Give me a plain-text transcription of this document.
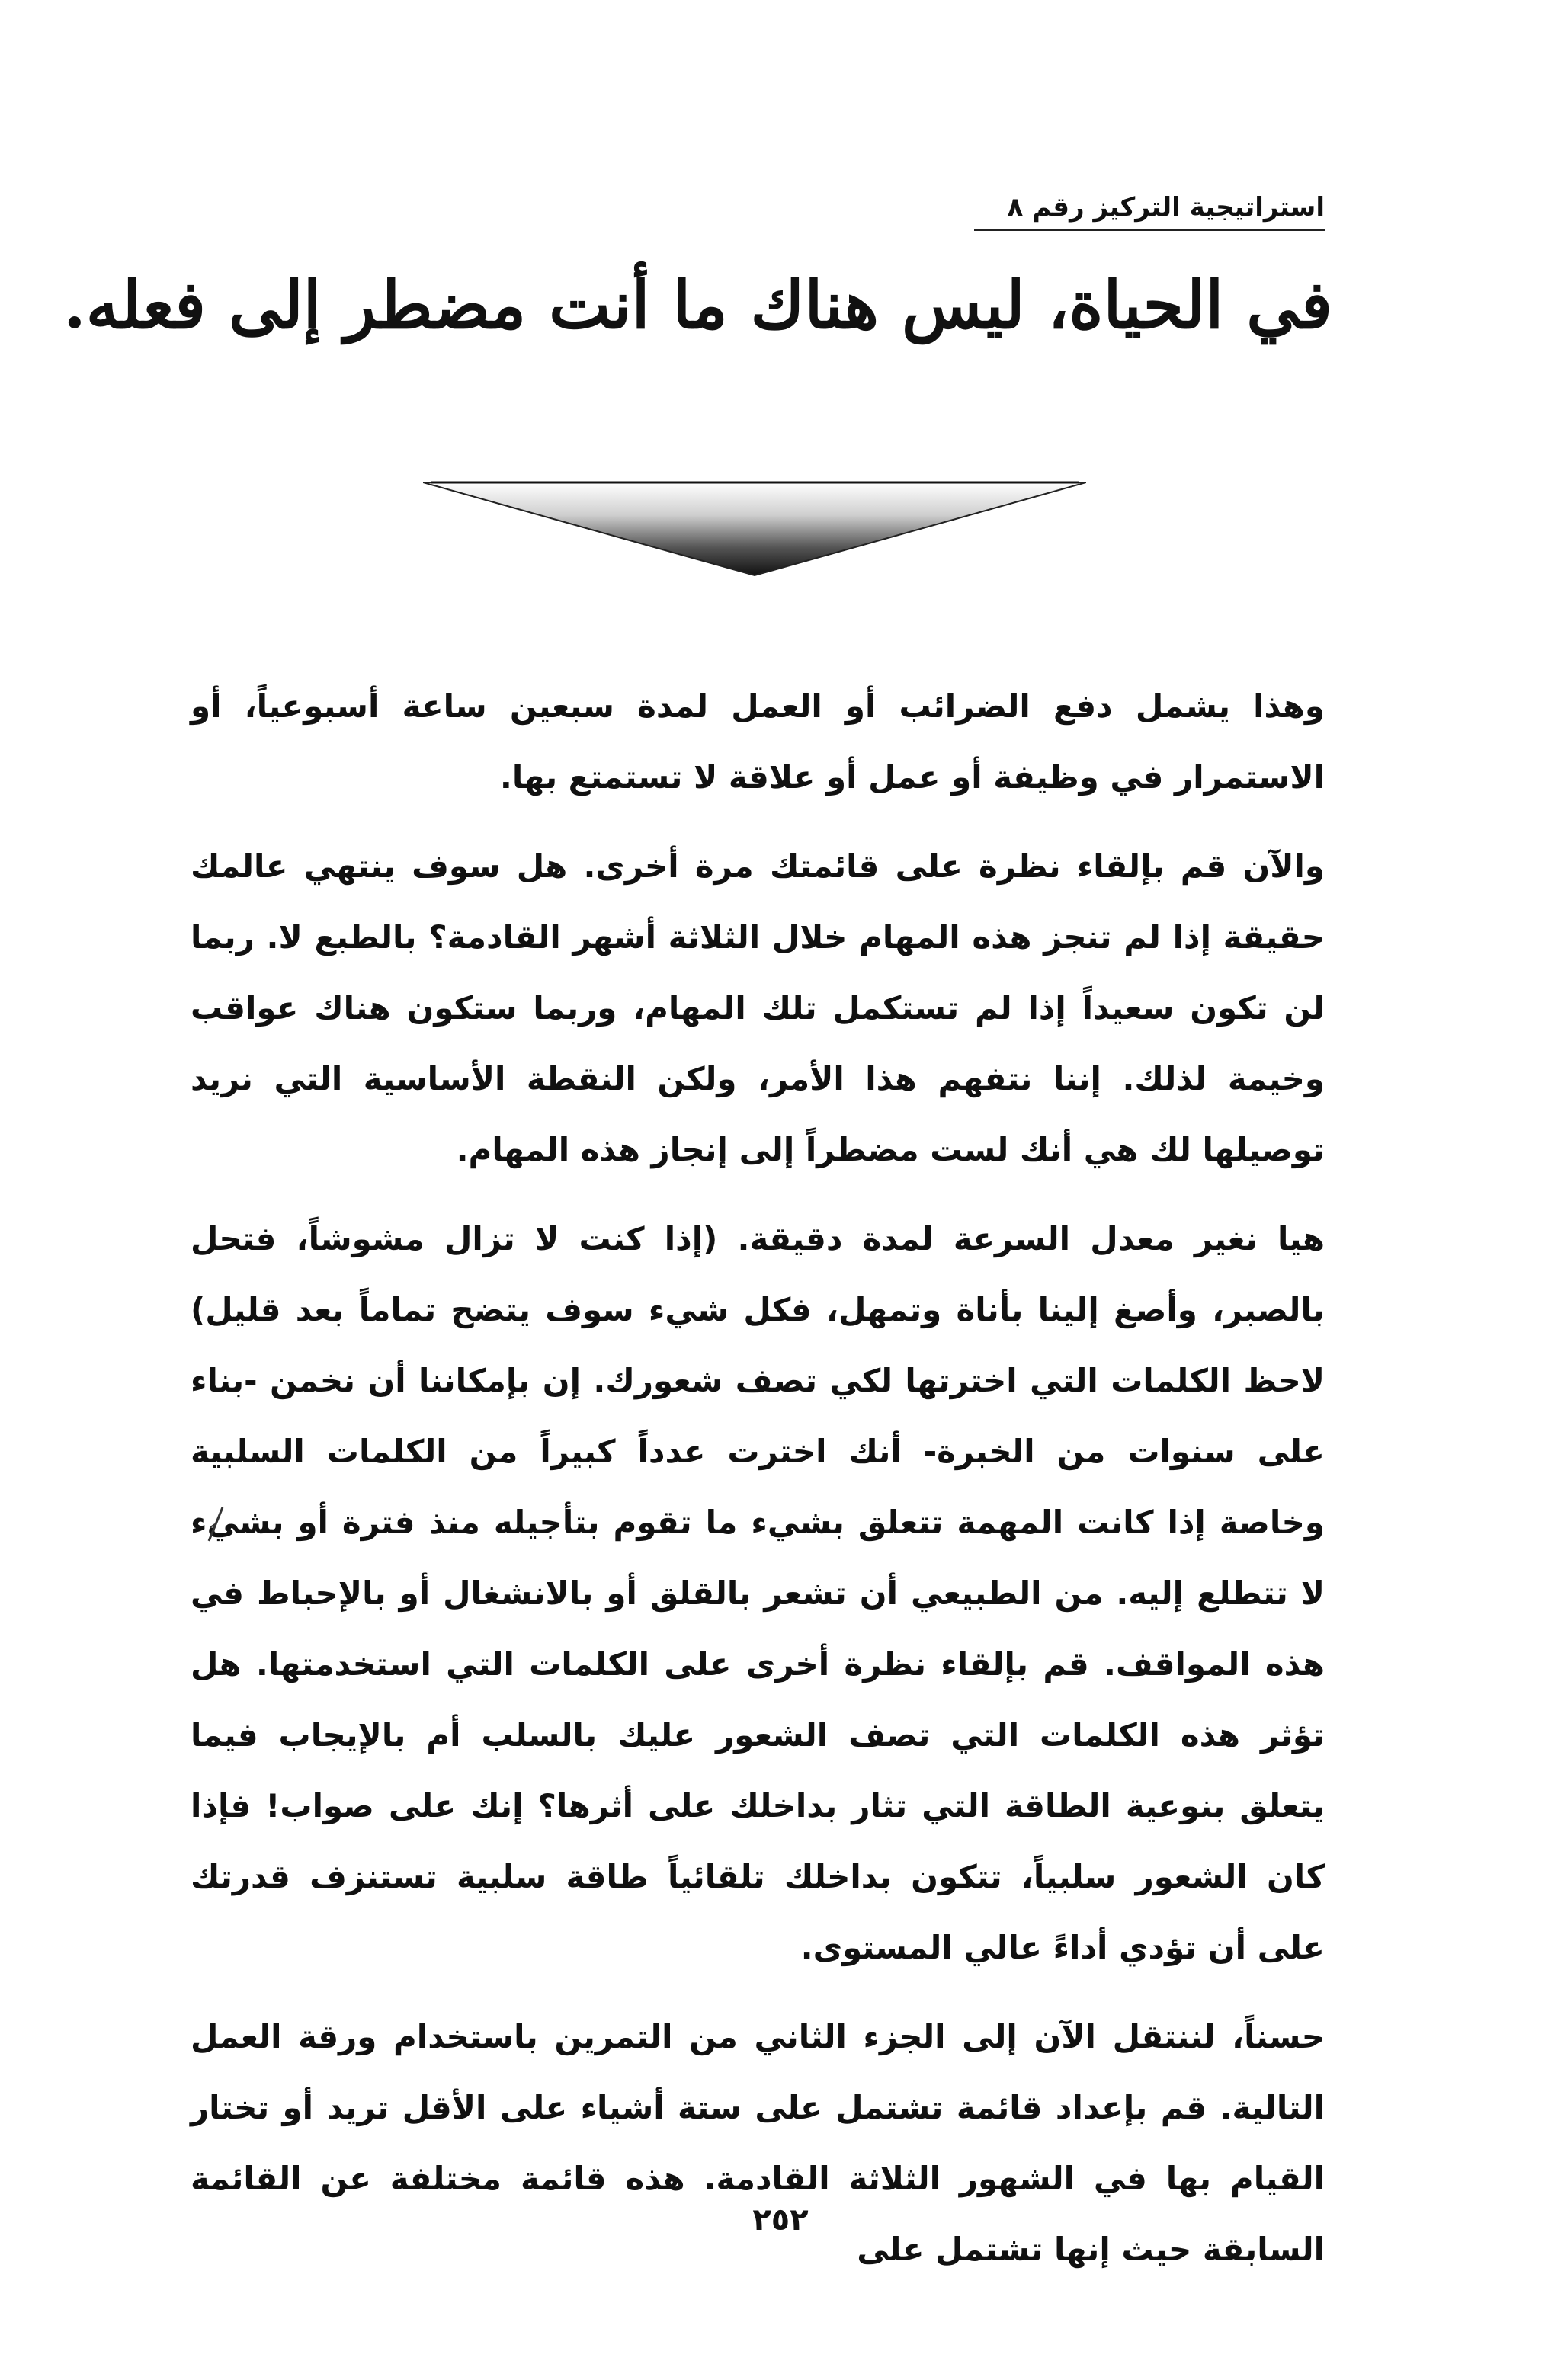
استراتيجية التركيز رقم ٨
في الحياة، ليس هناك ما أنت مضطر إلى فعله.

وهذا يشمل دفع الضرائب أو العمل لمدة سبعين ساعة أسبوعياً، أو الاستمرار في وظيفة أو عمل أو علاقة لا تستمتع بها.

والآن قم بإلقاء نظرة على قائمتك مرة أخرى. هل سوف ينتهي عالمك حقيقة إذا لم تنجز هذه المهام خلال الثلاثة أشهر القادمة؟ بالطبع لا. ربما لن تكون سعيداً إذا لم تستكمل تلك المهام، وربما ستكون هناك عواقب وخيمة لذلك. إننا نتفهم هذا الأمر، ولكن النقطة الأساسية التي نريد توصيلها لك هي أنك لست مضطراً إلى إنجاز هذه المهام.

هيا نغير معدل السرعة لمدة دقيقة. (إذا كنت لا تزال مشوشاً، فتحل بالصبر، وأصغ إلينا بأناة وتمهل، فكل شيء سوف يتضح تماماً بعد قليل) لاحظ الكلمات التي اخترتها لكي تصف شعورك. إن بإمكاننا أن نخمن -بناء على سنوات من الخبرة- أنك اخترت عدداً كبيراً من الكلمات السلبية وخاصة إذا كانت المهمة تتعلق بشيء ما تقوم بتأجيله منذ فترة أو بشيء لا تتطلع إليه. من الطبيعي أن تشعر بالقلق أو بالانشغال أو بالإحباط في هذه المواقف. قم بإلقاء نظرة أخرى على الكلمات التي استخدمتها. هل تؤثر هذه الكلمات التي تصف الشعور عليك بالسلب أم بالإيجاب فيما يتعلق بنوعية الطاقة التي تثار بداخلك على أثرها؟ إنك على صواب! فإذا كان الشعور سلبياً، تتكون بداخلك تلقائياً طاقة سلبية تستنزف قدرتك على أن تؤدي أداءً عالي المستوى.

حسناً، لننتقل الآن إلى الجزء الثاني من التمرين باستخدام ورقة العمل التالية. قم بإعداد قائمة تشتمل على ستة أشياء على الأقل تريد أو تختار القيام بها في الشهور الثلاثة القادمة. هذه قائمة مختلفة عن القائمة السابقة حيث إنها تشتمل على

٢٥٢
